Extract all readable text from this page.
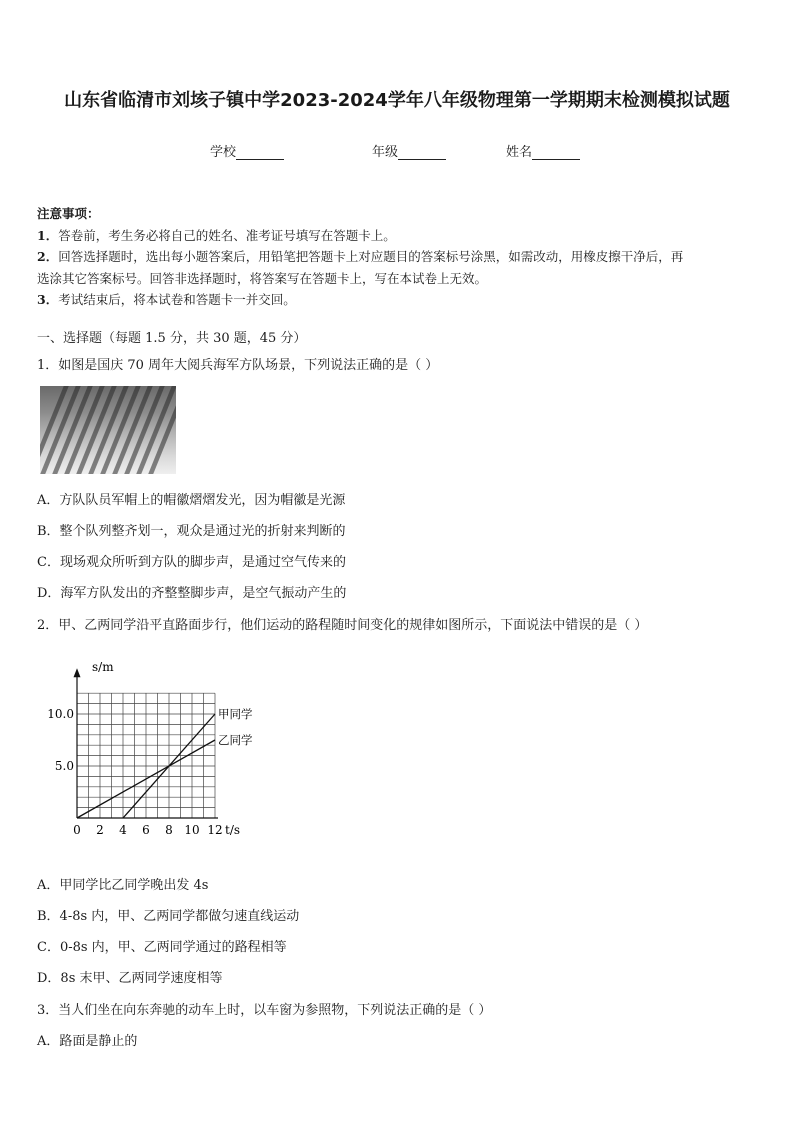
山东省临清市刘垓子镇中学2023-2024学年八年级物理第一学期期末检测模拟试题
学校	年级	姓名
注意事项：
1．答卷前，考生务必将自己的姓名、准考证号填写在答题卡上。
2．回答选择题时，选出每小题答案后，用铅笔把答题卡上对应题目的答案标号涂黑，如需改动，用橡皮擦干净后，再
选涂其它答案标号。回答非选择题时，将答案写在答题卡上，写在本试卷上无效。
3．考试结束后，将本试卷和答题卡一并交回。
一、选择题（每题 1.5 分，共 30 题，45 分）
1．如图是国庆 70 周年大阅兵海军方队场景，下列说法正确的是（ ）
A．方队队员军帽上的帽徽熠熠发光，因为帽徽是光源
B．整个队列整齐划一，观众是通过光的折射来判断的
C．现场观众所听到方队的脚步声，是通过空气传来的
D．海军方队发出的齐整整脚步声，是空气振动产生的
2．甲、乙两同学沿平直路面步行，他们运动的路程随时间变化的规律如图所示，下面说法中错误的是（ ）
0 2 4 6 8 10 12
5.0
10.0	甲同学
乙同学
s/m
t/s
A．甲同学比乙同学晚出发 4s
B．4-8s 内，甲、乙两同学都做匀速直线运动
C．0-8s 内，甲、乙两同学通过的路程相等
D．8s 末甲、乙两同学速度相等
3．当人们坐在向东奔驰的动车上时，以车窗为参照物，下列说法正确的是（ ）
A．路面是静止的
